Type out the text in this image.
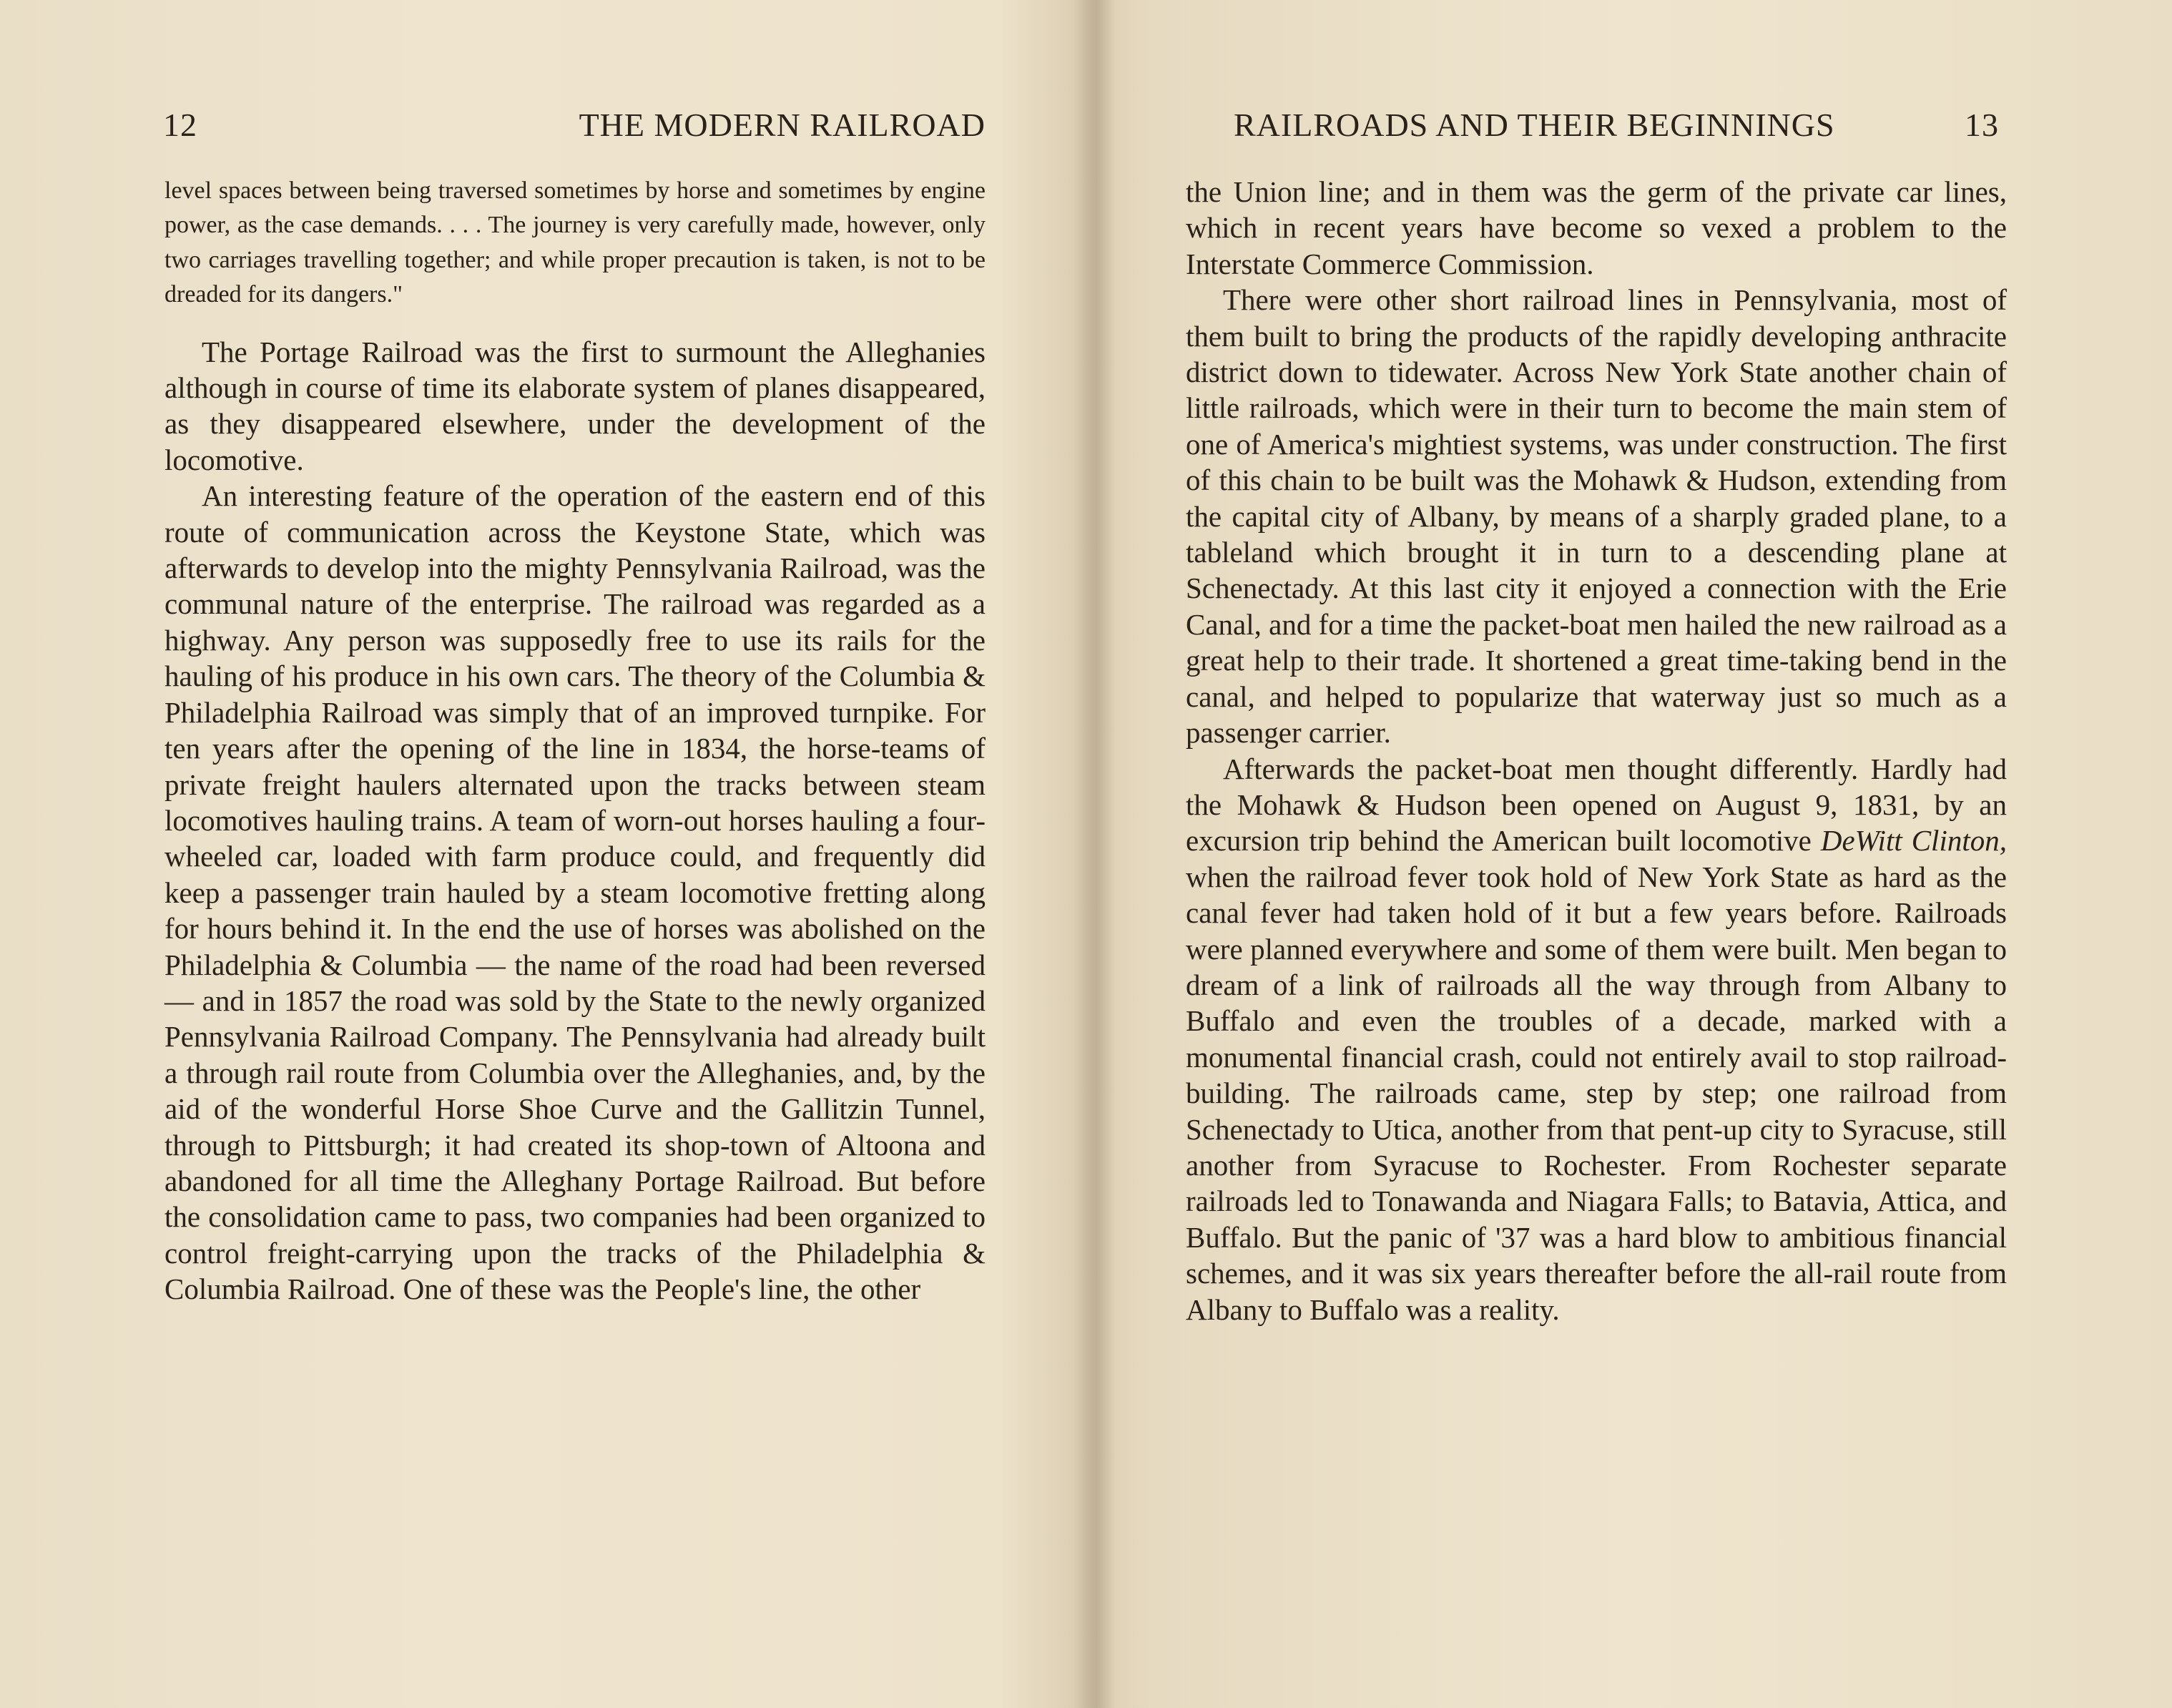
12	THE MODERN RAILROAD

level spaces between being traversed sometimes by horse and sometimes by engine power, as the case demands. . . . The journey is very carefully made, however, only two carriages travelling together; and while proper precaution is taken, is not to be dreaded for its dangers."

The Portage Railroad was the first to surmount the Alleghanies although in course of time its elaborate system of planes disappeared, as they disappeared elsewhere, under the development of the locomotive.

An interesting feature of the operation of the eastern end of this route of communication across the Keystone State, which was afterwards to develop into the mighty Pennsylvania Railroad, was the communal nature of the enterprise. The railroad was regarded as a highway. Any person was supposedly free to use its rails for the hauling of his produce in his own cars. The theory of the Columbia & Philadelphia Railroad was simply that of an improved turnpike. For ten years after the opening of the line in 1834, the horse-teams of private freight haulers alternated upon the tracks between steam locomotives hauling trains. A team of worn-out horses hauling a four-wheeled car, loaded with farm produce could, and frequently did keep a passenger train hauled by a steam locomotive fretting along for hours behind it. In the end the use of horses was abolished on the Philadelphia & Columbia — the name of the road had been reversed — and in 1857 the road was sold by the State to the newly organized Pennsylvania Railroad Company. The Pennsylvania had already built a through rail route from Columbia over the Alleghanies, and, by the aid of the wonderful Horse Shoe Curve and the Gallitzin Tunnel, through to Pittsburgh; it had created its shop-town of Altoona and abandoned for all time the Alleghany Portage Railroad. But before the consolidation came to pass, two companies had been organized to control freight-carrying upon the tracks of the Philadelphia & Columbia Railroad. One of these was the People's line, the other

RAILROADS AND THEIR BEGINNINGS	13

the Union line; and in them was the germ of the private car lines, which in recent years have become so vexed a problem to the Interstate Commerce Commission.

There were other short railroad lines in Pennsylvania, most of them built to bring the products of the rapidly developing anthracite district down to tidewater. Across New York State another chain of little railroads, which were in their turn to become the main stem of one of America's mightiest systems, was under construction. The first of this chain to be built was the Mohawk & Hudson, extending from the capital city of Albany, by means of a sharply graded plane, to a tableland which brought it in turn to a descending plane at Schenectady. At this last city it enjoyed a connection with the Erie Canal, and for a time the packet-boat men hailed the new railroad as a great help to their trade. It shortened a great time-taking bend in the canal, and helped to popularize that waterway just so much as a passenger carrier.

Afterwards the packet-boat men thought differently. Hardly had the Mohawk & Hudson been opened on August 9, 1831, by an excursion trip behind the American built locomotive DeWitt Clinton, when the railroad fever took hold of New York State as hard as the canal fever had taken hold of it but a few years before. Railroads were planned everywhere and some of them were built. Men began to dream of a link of railroads all the way through from Albany to Buffalo and even the troubles of a decade, marked with a monumental financial crash, could not entirely avail to stop railroad-building. The railroads came, step by step; one railroad from Schenectady to Utica, another from that pent-up city to Syracuse, still another from Syracuse to Rochester. From Rochester separate railroads led to Tonawanda and Niagara Falls; to Batavia, Attica, and Buffalo. But the panic of '37 was a hard blow to ambitious financial schemes, and it was six years thereafter before the all-rail route from Albany to Buffalo was a reality.
